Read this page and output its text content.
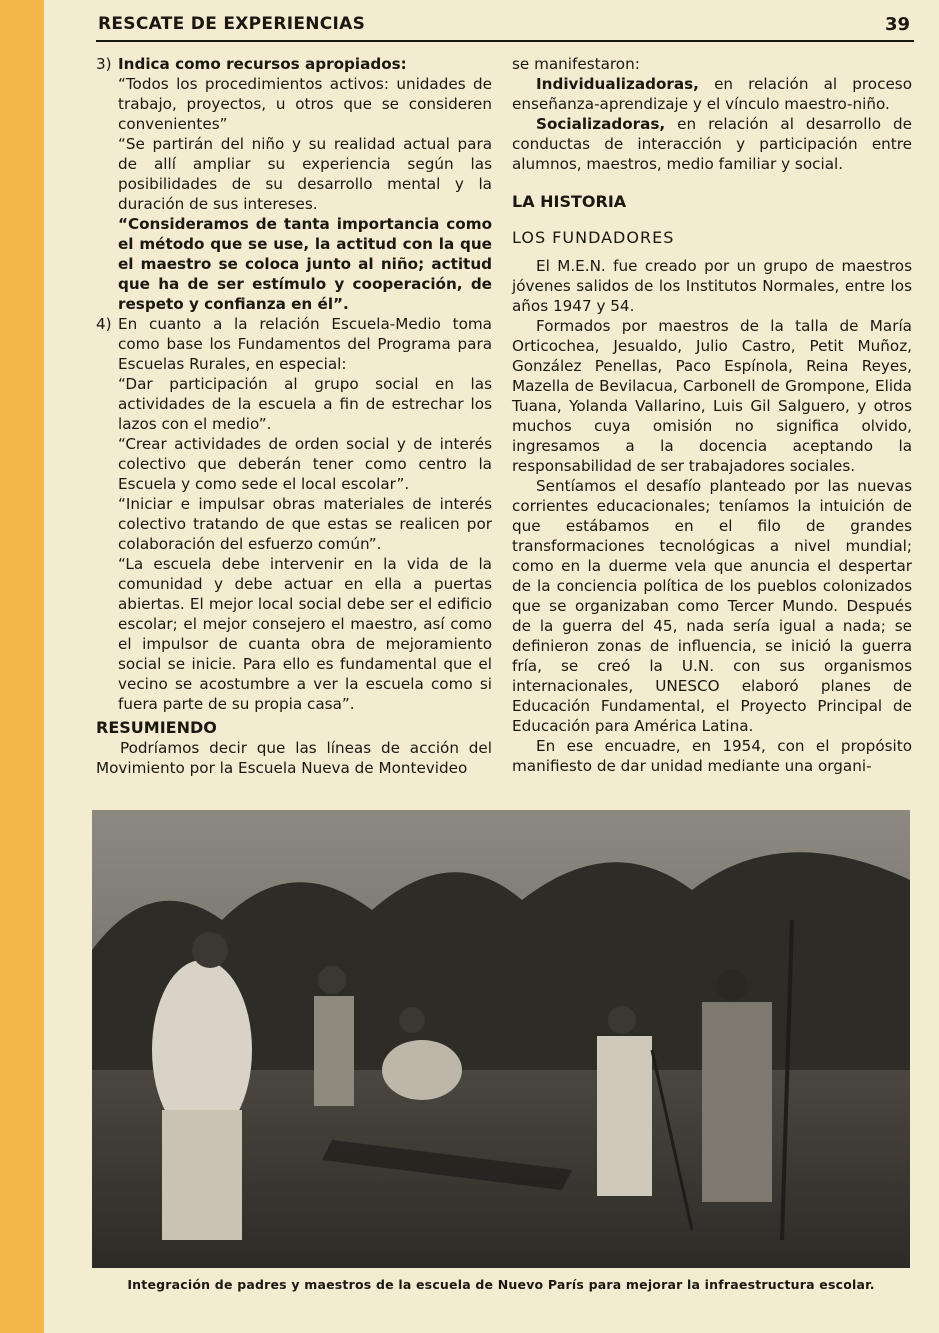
RESCATE DE EXPERIENCIAS	39
3) Indica como recursos apropiados:

“Todos los procedimientos activos: unidades de trabajo, proyectos, u otros que se consideren convenientes”

“Se partirán del niño y su realidad actual para de allí ampliar su experiencia según las posibilidades de su desarrollo mental y la duración de sus intereses.

“Consideramos de tanta importancia como el método que se use, la actitud con la que el maestro se coloca junto al niño; actitud que ha de ser estímulo y cooperación, de respeto y confianza en él”.

4) En cuanto a la relación Escuela-Medio toma como base los Fundamentos del Programa para Escuelas Rurales, en especial:

“Dar participación al grupo social en las actividades de la escuela a fin de estrechar los lazos con el medio”.

“Crear actividades de orden social y de interés colectivo que deberán tener como centro la Escuela y como sede el local escolar”.

“Iniciar e impulsar obras materiales de interés colectivo tratando de que estas se realicen por colaboración del esfuerzo común”.

“La escuela debe intervenir en la vida de la comunidad y debe actuar en ella a puertas abiertas. El mejor local social debe ser el edificio escolar; el mejor consejero el maestro, así como el impulsor de cuanta obra de mejoramiento social se inicie. Para ello es fundamental que el vecino se acostumbre a ver la escuela como si fuera parte de su propia casa”.

RESUMIENDO

Podríamos decir que las líneas de acción del Movimiento por la Escuela Nueva de Montevideo

se manifestaron:

Individualizadoras, en relación al proceso enseñanza-aprendizaje y el vínculo maestro-niño.

Socializadoras, en relación al desarrollo de conductas de interacción y participación entre alumnos, maestros, medio familiar y social.

LA HISTORIA

LOS FUNDADORES

El M.E.N. fue creado por un grupo de maestros jóvenes salidos de los Institutos Normales, entre los años 1947 y 54.

Formados por maestros de la talla de María Orticochea, Jesualdo, Julio Castro, Petit Muñoz, González Penellas, Paco Espínola, Reina Reyes, Mazella de Bevilacua, Carbonell de Grompone, Elida Tuana, Yolanda Vallarino, Luis Gil Salguero, y otros muchos cuya omisión no significa olvido, ingresamos a la docencia aceptando la responsabilidad de ser trabajadores sociales.

Sentíamos el desafío planteado por las nuevas corrientes educacionales; teníamos la intuición de que estábamos en el filo de grandes transformaciones tecnológicas a nivel mundial; como en la duerme vela que anuncia el despertar de la conciencia política de los pueblos colonizados que se organizaban como Tercer Mundo. Después de la guerra del 45, nada sería igual a nada; se definieron zonas de influencia, se inició la guerra fría, se creó la U.N. con sus organismos internacionales, UNESCO elaboró planes de Educación Fundamental, el Proyecto Principal de Educación para América Latina.

En ese encuadre, en 1954, con el propósito manifiesto de dar unidad mediante una organi-

Integración de padres y maestros de la escuela de Nuevo París para mejorar la infraestructura escolar.
